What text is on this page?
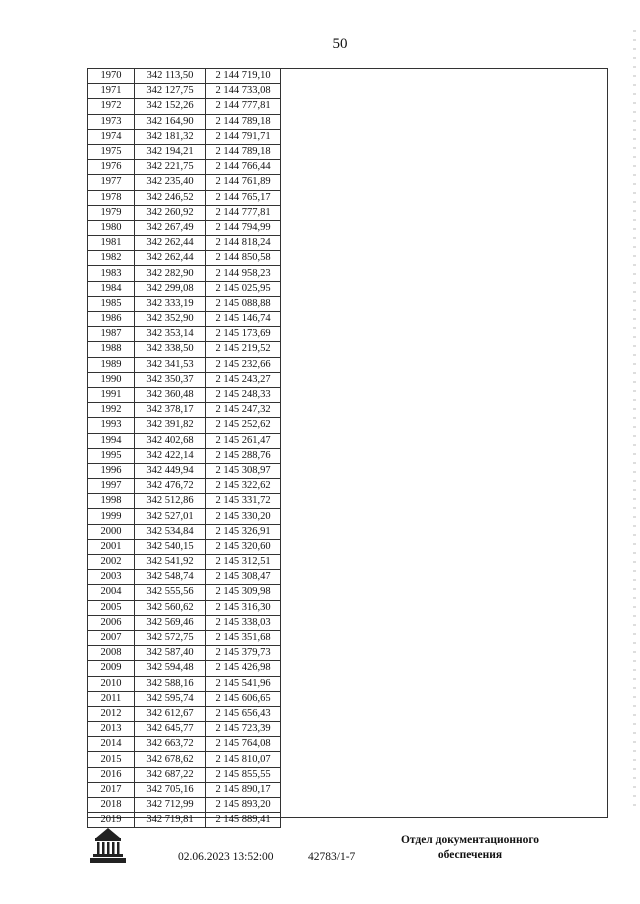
50
1970	342 113,50	2 144 719,10
1971	342 127,75	2 144 733,08
1972	342 152,26	2 144 777,81
1973	342 164,90	2 144 789,18
1974	342 181,32	2 144 791,71
1975	342 194,21	2 144 789,18
1976	342 221,75	2 144 766,44
1977	342 235,40	2 144 761,89
1978	342 246,52	2 144 765,17
1979	342 260,92	2 144 777,81
1980	342 267,49	2 144 794,99
1981	342 262,44	2 144 818,24
1982	342 262,44	2 144 850,58
1983	342 282,90	2 144 958,23
1984	342 299,08	2 145 025,95
1985	342 333,19	2 145 088,88
1986	342 352,90	2 145 146,74
1987	342 353,14	2 145 173,69
1988	342 338,50	2 145 219,52
1989	342 341,53	2 145 232,66
1990	342 350,37	2 145 243,27
1991	342 360,48	2 145 248,33
1992	342 378,17	2 145 247,32
1993	342 391,82	2 145 252,62
1994	342 402,68	2 145 261,47
1995	342 422,14	2 145 288,76
1996	342 449,94	2 145 308,97
1997	342 476,72	2 145 322,62
1998	342 512,86	2 145 331,72
1999	342 527,01	2 145 330,20
2000	342 534,84	2 145 326,91
2001	342 540,15	2 145 320,60
2002	342 541,92	2 145 312,51
2003	342 548,74	2 145 308,47
2004	342 555,56	2 145 309,98
2005	342 560,62	2 145 316,30
2006	342 569,46	2 145 338,03
2007	342 572,75	2 145 351,68
2008	342 587,40	2 145 379,73
2009	342 594,48	2 145 426,98
2010	342 588,16	2 145 541,96
2011	342 595,74	2 145 606,65
2012	342 612,67	2 145 656,43
2013	342 645,77	2 145 723,39
2014	342 663,72	2 145 764,08
2015	342 678,62	2 145 810,07
2016	342 687,22	2 145 855,55
2017	342 705,16	2 145 890,17
2018	342 712,99	2 145 893,20
2019	342 719,81	2 145 889,41
02.06.2023 13:52:00	42783/1-7
Отдел документационного
обеспечения
